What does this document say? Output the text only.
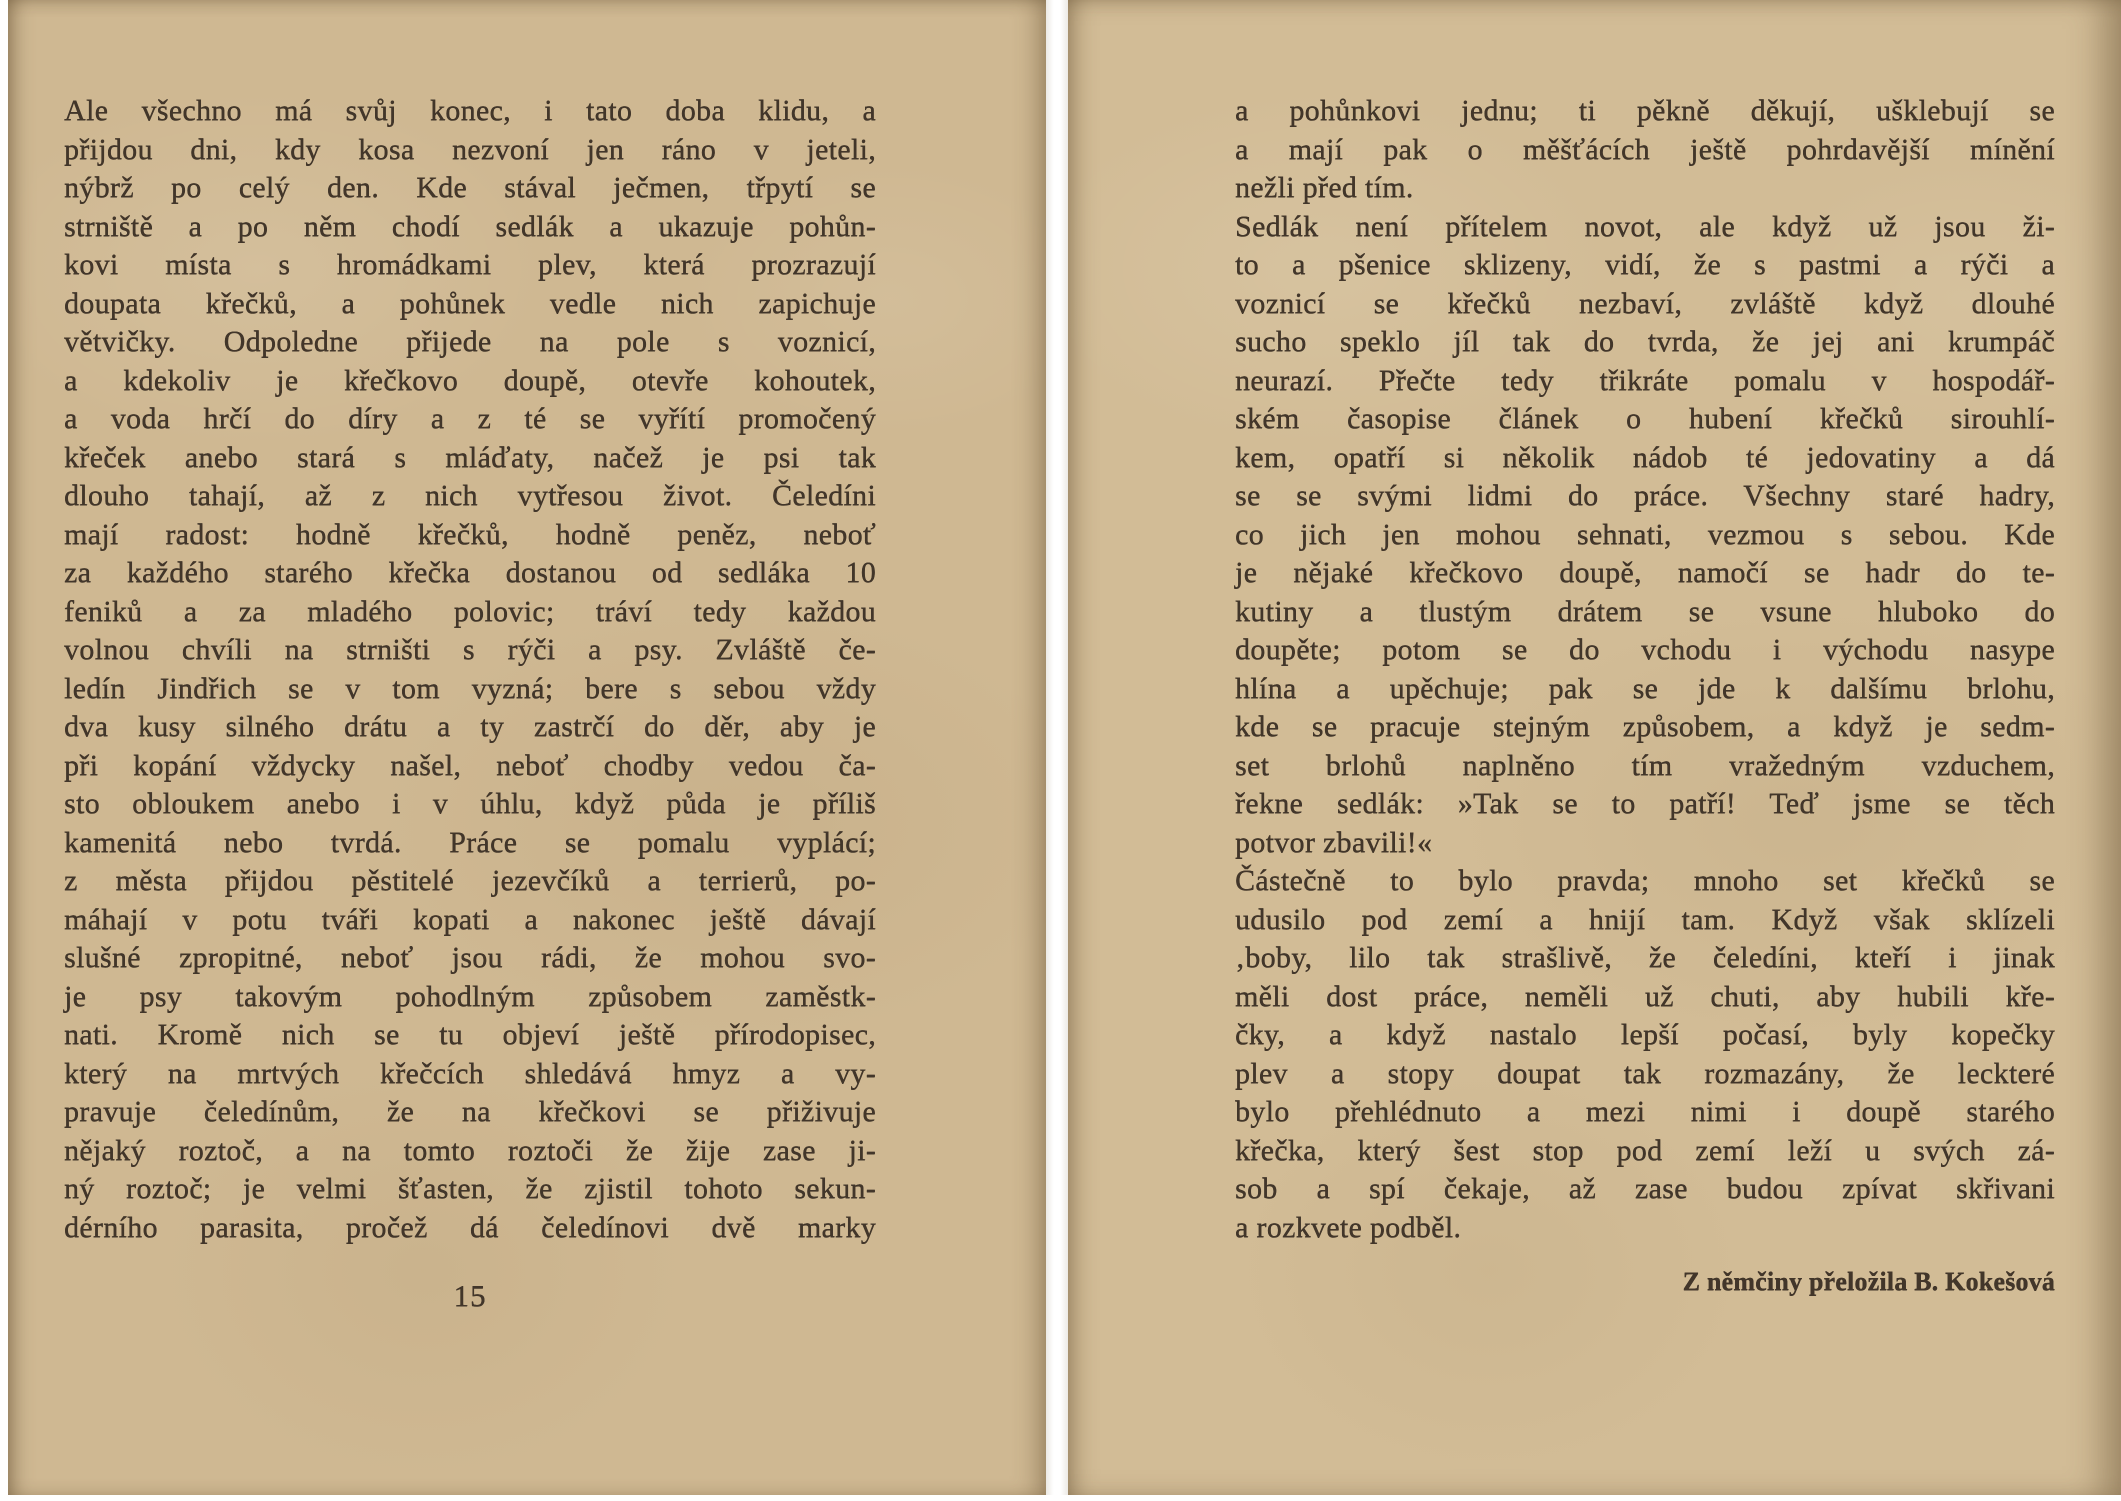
Ale všechno má svůj konec, i tato doba klidu, a
přijdou dni, kdy kosa nezvoní jen ráno v jeteli,
nýbrž po celý den. Kde stával ječmen, třpytí se
strniště a po něm chodí sedlák a ukazuje pohůn-
kovi místa s hromádkami plev, která prozrazují
doupata křečků, a pohůnek vedle nich zapichuje
větvičky. Odpoledne přijede na pole s voznicí,
a kdekoliv je křečkovo doupě, otevře kohoutek,
a voda hrčí do díry a z té se vyřítí promočený
křeček anebo stará s mláďaty, načež je psi tak
dlouho tahají, až z nich vytřesou život. Čeledíni
mají radost: hodně křečků, hodně peněz, neboť
za každého starého křečka dostanou od sedláka 10
feniků a za mladého polovic; tráví tedy každou
volnou chvíli na strništi s rýči a psy. Zvláště če-
ledín Jindřich se v tom vyzná; bere s sebou vždy
dva kusy silného drátu a ty zastrčí do děr, aby je
při kopání vždycky našel, neboť chodby vedou ča-
sto obloukem anebo i v úhlu, když půda je příliš
kamenitá nebo tvrdá. Práce se pomalu vyplácí;
z města přijdou pěstitelé jezevčíků a terrierů, po-
máhají v potu tváři kopati a nakonec ještě dávají
slušné zpropitné, neboť jsou rádi, že mohou svo-
je psy takovým pohodlným způsobem zaměstk-
nati. Kromě nich se tu objeví ještě přírodopisec,
který na mrtvých křečcích shledává hmyz a vy-
pravuje čeledínům, že na křečkovi se přiživuje
nějaký roztoč, a na tomto roztoči že žije zase ji-
ný roztoč; je velmi šťasten, že zjistil tohoto sekun-
dérního parasita, pročež dá čeledínovi dvě marky
15
a pohůnkovi jednu; ti pěkně děkují, ušklebují se
a mají pak o měšťácích ještě pohrdavější mínění
nežli před tím.
Sedlák není přítelem novot, ale když už jsou ži-
to a pšenice sklizeny, vidí, že s pastmi a rýči a
voznicí se křečků nezbaví, zvláště když dlouhé
sucho speklo jíl tak do tvrda, že jej ani krumpáč
neurazí. Přečte tedy třikráte pomalu v hospodář-
ském časopise článek o hubení křečků sirouhlí-
kem, opatří si několik nádob té jedovatiny a dá
se se svými lidmi do práce. Všechny staré hadry,
co jich jen mohou sehnati, vezmou s sebou. Kde
je nějaké křečkovo doupě, namočí se hadr do te-
kutiny a tlustým drátem se vsune hluboko do
doupěte; potom se do vchodu i východu nasype
hlína a upěchuje; pak se jde k dalšímu brlohu,
kde se pracuje stejným způsobem, a když je sedm-
set brlohů naplněno tím vražedným vzduchem,
řekne sedlák: »Tak se to patří! Teď jsme se těch
potvor zbavili!«
Částečně to bylo pravda; mnoho set křečků se
udusilo pod zemí a hnijí tam. Když však sklízeli
‚boby, lilo tak strašlivě, že čeledíni, kteří i jinak
měli dost práce, neměli už chuti, aby hubili kře-
čky, a když nastalo lepší počasí, byly kopečky
plev a stopy doupat tak rozmazány, že leckteré
bylo přehlédnuto a mezi nimi i doupě starého
křečka, který šest stop pod zemí leží u svých zá-
sob a spí čekaje, až zase budou zpívat skřivani
a rozkvete podběl.
Z němčiny přeložila B. Kokešová
